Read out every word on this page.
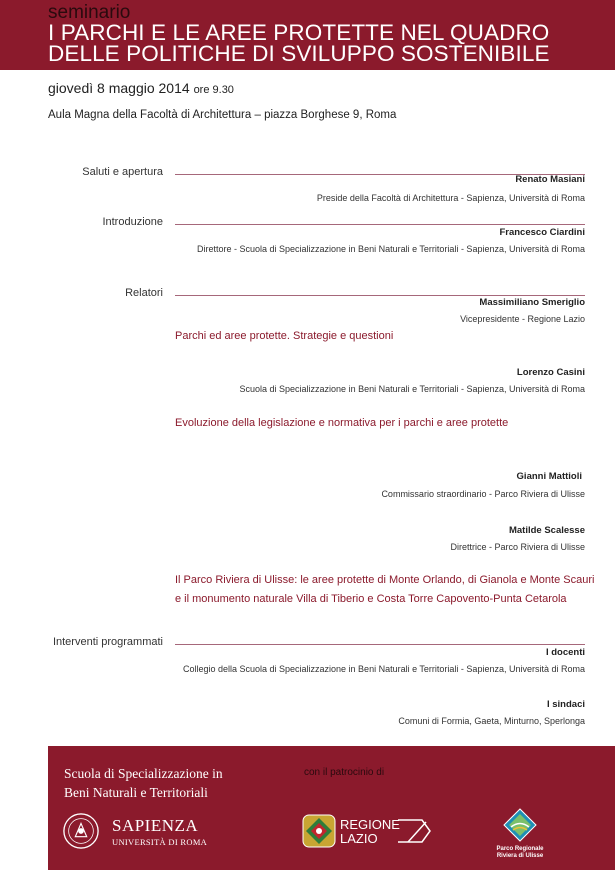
seminario
I PARCHI E LE AREE PROTETTE NEL QUADRO
DELLE POLITICHE DI SVILUPPO SOSTENIBILE
giovedì 8 maggio 2014 ore 9.30
Aula Magna della Facoltà di Architettura – piazza Borghese 9, Roma
Saluti e apertura
Renato Masiani
Preside della Facoltà di Architettura - Sapienza, Università di Roma
Introduzione
Francesco Ciardini
Direttore - Scuola di Specializzazione in Beni Naturali e Territoriali - Sapienza, Università di Roma
Relatori
Massimiliano Smeriglio
Vicepresidente - Regione Lazio
Parchi ed aree protette. Strategie e questioni
Lorenzo Casini
Scuola di Specializzazione in Beni Naturali e Territoriali - Sapienza, Università di Roma
Evoluzione della legislazione e normativa per i parchi e aree protette
Gianni Mattioli
Commissario straordinario - Parco Riviera di Ulisse
Matilde Scalesse
Direttrice - Parco Riviera di Ulisse
Il Parco Riviera di Ulisse: le aree protette di Monte Orlando, di Gianola e Monte Scauri
e il monumento naturale Villa di Tiberio e Costa Torre Capovento-Punta Cetarola
Interventi programmati
I docenti
Collegio della Scuola di Specializzazione in Beni Naturali e Territoriali - Sapienza, Università di Roma
I sindaci
Comuni di Formia, Gaeta, Minturno, Sperlonga
Scuola di Specializzazione in
Beni Naturali e Territoriali
con il patrocinio di
SAPIENZA
UNIVERSITÀ DI ROMA
REGIONE
LAZIO
Parco Regionale
Riviera di Ulisse
